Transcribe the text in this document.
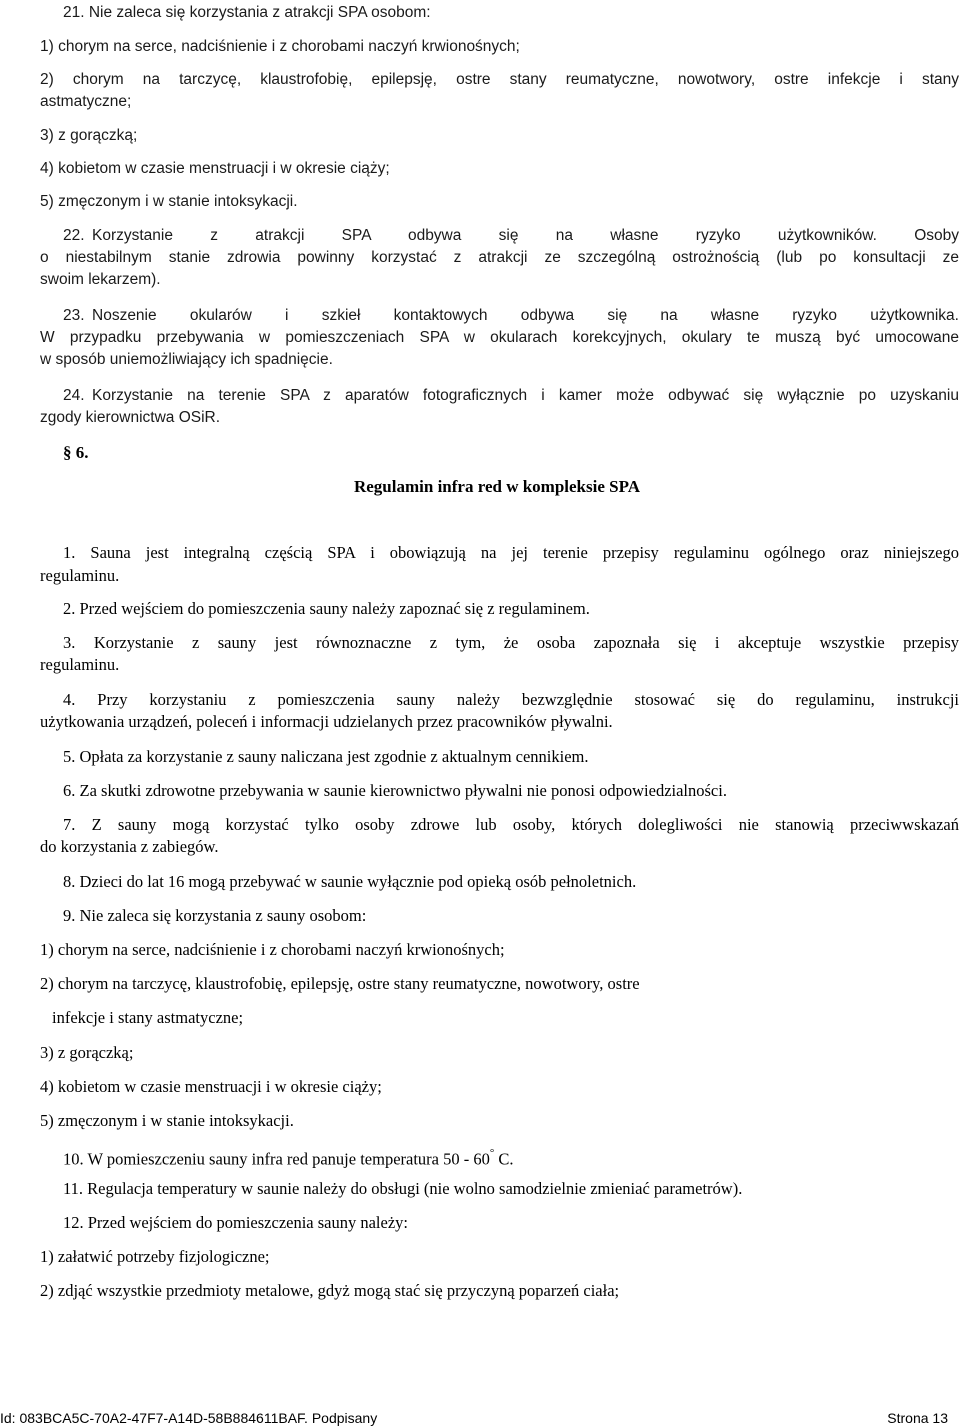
21. Nie zaleca się korzystania z atrakcji SPA osobom:
1) chorym na serce, nadciśnienie i z chorobami naczyń krwionośnych;
2) chorym na tarczycę, klaustrofobię, epilepsję, ostre stany reumatyczne, nowotwory, ostre infekcje i stany
astmatyczne;
3) z gorączką;
4) kobietom w czasie menstruacji i w okresie ciąży;
5) zmęczonym i w stanie intoksykacji.
22. Korzystanie z atrakcji SPA odbywa się na własne ryzyko użytkowników. Osoby
o niestabilnym stanie zdrowia powinny korzystać z atrakcji ze szczególną ostrożnością (lub po konsultacji ze
swoim lekarzem).
23. Noszenie okularów i szkieł kontaktowych odbywa się na własne ryzyko użytkownika.
W przypadku przebywania w pomieszczeniach SPA w okularach korekcyjnych, okulary te muszą być umocowane
w sposób uniemożliwiający ich spadnięcie.
24. Korzystanie na terenie SPA z aparatów fotograficznych i kamer może odbywać się wyłącznie po uzyskaniu
zgody kierownictwa OSiR.
§ 6.
Regulamin infra red w kompleksie SPA
1. Sauna jest integralną częścią SPA i obowiązują na jej terenie przepisy regulaminu ogólnego oraz niniejszego
regulaminu.
2. Przed wejściem do pomieszczenia sauny należy zapoznać się z regulaminem.
3. Korzystanie z sauny jest równoznaczne z tym, że osoba zapoznała się i akceptuje wszystkie przepisy
regulaminu.
4. Przy korzystaniu z pomieszczenia sauny należy bezwzględnie stosować się do regulaminu, instrukcji
użytkowania urządzeń, poleceń i informacji udzielanych przez pracowników pływalni.
5. Opłata za korzystanie z sauny naliczana jest zgodnie z aktualnym cennikiem.
6. Za skutki zdrowotne przebywania w saunie kierownictwo pływalni nie ponosi odpowiedzialności.
7. Z sauny mogą korzystać tylko osoby zdrowe lub osoby, których dolegliwości nie stanowią przeciwwskazań
do korzystania z zabiegów.
8. Dzieci do lat 16 mogą przebywać w saunie wyłącznie pod opieką osób pełnoletnich.
9. Nie zaleca się korzystania z sauny osobom:
1) chorym na serce, nadciśnienie i z chorobami naczyń krwionośnych;
2) chorym na tarczycę, klaustrofobię, epilepsję, ostre stany reumatyczne, nowotwory, ostre
infekcje i stany astmatyczne;
3) z gorączką;
4) kobietom w czasie menstruacji i w okresie ciąży;
5) zmęczonym i w stanie intoksykacji.
10. W pomieszczeniu sauny infra red panuje temperatura 50 - 60° C.
11. Regulacja temperatury w saunie należy do obsługi (nie wolno samodzielnie zmieniać parametrów).
12. Przed wejściem do pomieszczenia sauny należy:
1) załatwić potrzeby fizjologiczne;
2) zdjąć wszystkie przedmioty metalowe, gdyż mogą stać się przyczyną poparzeń ciała;
Id: 083BCA5C-70A2-47F7-A14D-58B884611BAF. Podpisany	Strona 13
